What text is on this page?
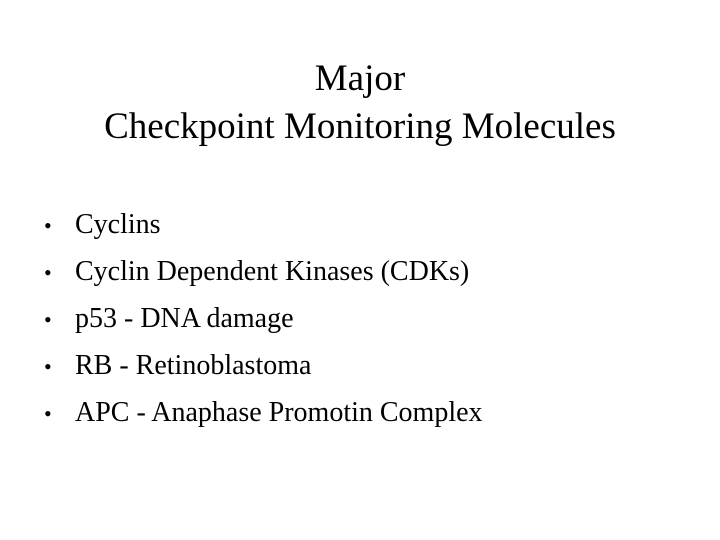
Major
Checkpoint Monitoring Molecules
• Cyclins
• Cyclin Dependent Kinases (CDKs)
• p53 - DNA damage
• RB - Retinoblastoma
• APC - Anaphase Promotin Complex
